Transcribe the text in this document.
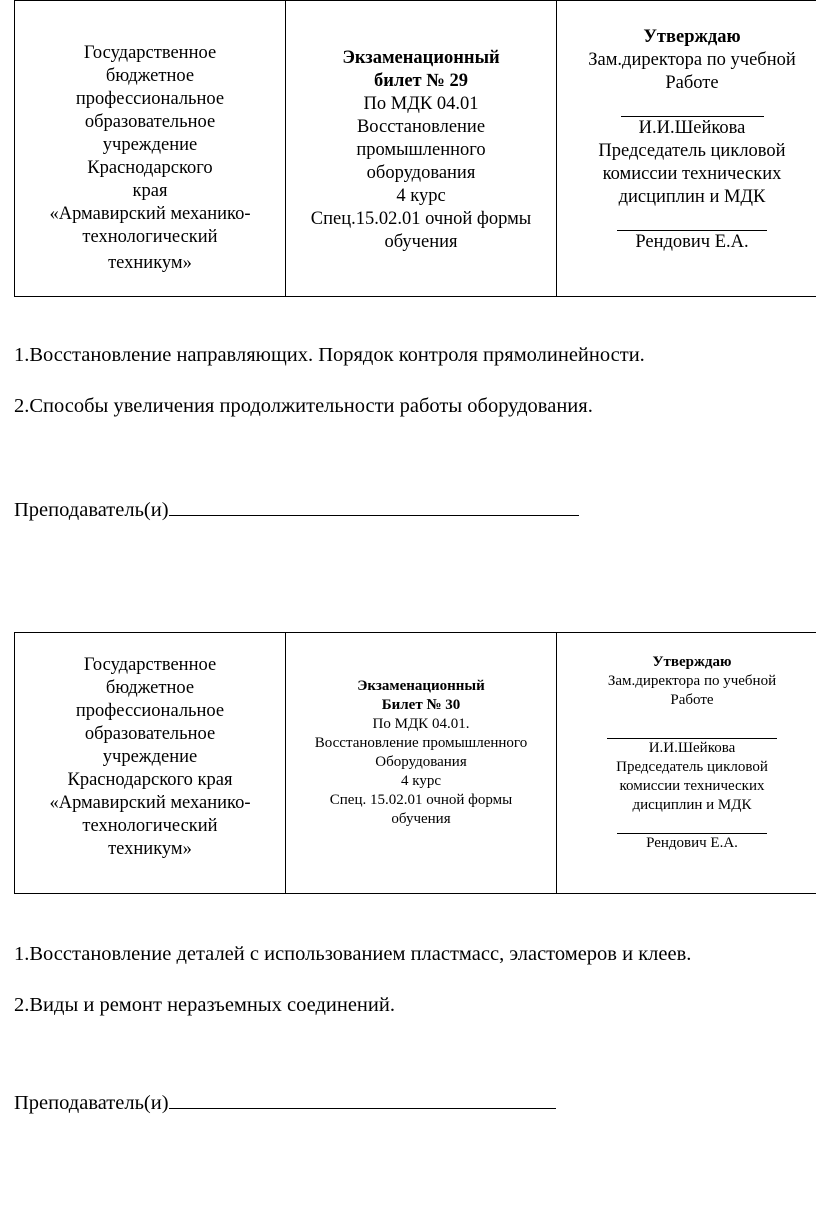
Государственное
бюджетное
профессиональное
образовательное
учреждение
Краснодарского
края
«Армавирский механико-
технологический
техникум»

Экзаменационный
билет № 29
По МДК 04.01
Восстановление
промышленного
оборудования
4 курс
Спец.15.02.01 очной формы
обучения

Утверждаю
Зам.директора по учебной
Работе
И.И.Шейкова
Председатель цикловой
комиссии технических
дисциплин и МДК
Рендович Е.А.
1.Восстановление направляющих. Порядок контроля прямолинейности.
2.Способы увеличения продолжительности работы оборудования.
Преподаватель(и)
Государственное
бюджетное
профессиональное
образовательное
учреждение
Краснодарского края
«Армавирский механико-
технологический
техникум»

Экзаменационный
Билет № 30
По МДК 04.01.
Восстановление промышленного
Оборудования
4 курс
Спец. 15.02.01 очной формы
обучения

Утверждаю
Зам.директора по учебной
Работе
И.И.Шейкова
Председатель цикловой
комиссии технических
дисциплин и МДК
Рендович Е.А.
1.Восстановление деталей с использованием пластмасс, эластомеров и клеев.
2.Виды и ремонт неразъемных соединений.
Преподаватель(и)
